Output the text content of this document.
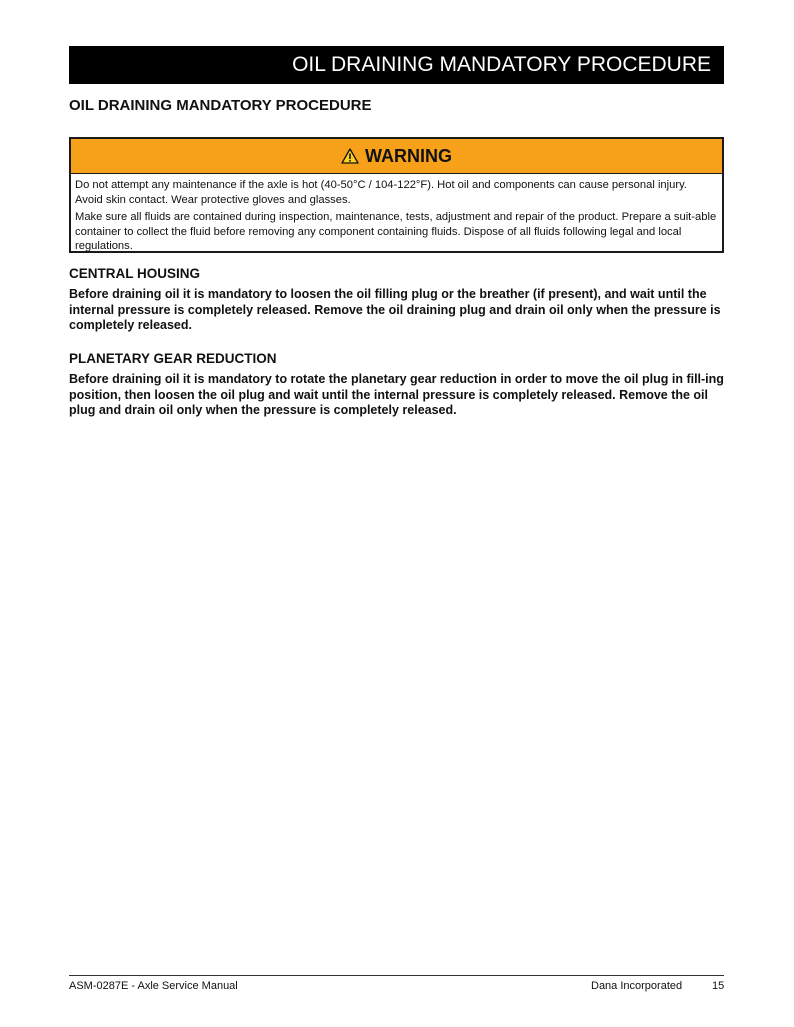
OIL DRAINING MANDATORY PROCEDURE
OIL DRAINING MANDATORY PROCEDURE
WARNING

Do not attempt any maintenance if the axle is hot (40-50°C / 104-122°F). Hot oil and components can cause personal injury. Avoid skin contact. Wear protective gloves and glasses.

Make sure all fluids are contained during inspection, maintenance, tests, adjustment and repair of the product. Prepare a suit-able container to collect the fluid before removing any component containing fluids. Dispose of all fluids following legal and local regulations.

CENTRAL HOUSING

Before draining oil it is mandatory to loosen the oil filling plug or the breather (if present), and wait until the internal pressure is completely released. Remove the oil draining plug and drain oil only when the pressure is completely released.

PLANETARY GEAR REDUCTION

Before draining oil it is mandatory to rotate the planetary gear reduction in order to move the oil plug in fill-ing position, then loosen the oil plug and wait until the internal pressure is completely released. Remove the oil plug and drain oil only when the pressure is completely released.

ASM-0287E - Axle Service Manual	Dana Incorporated	15
